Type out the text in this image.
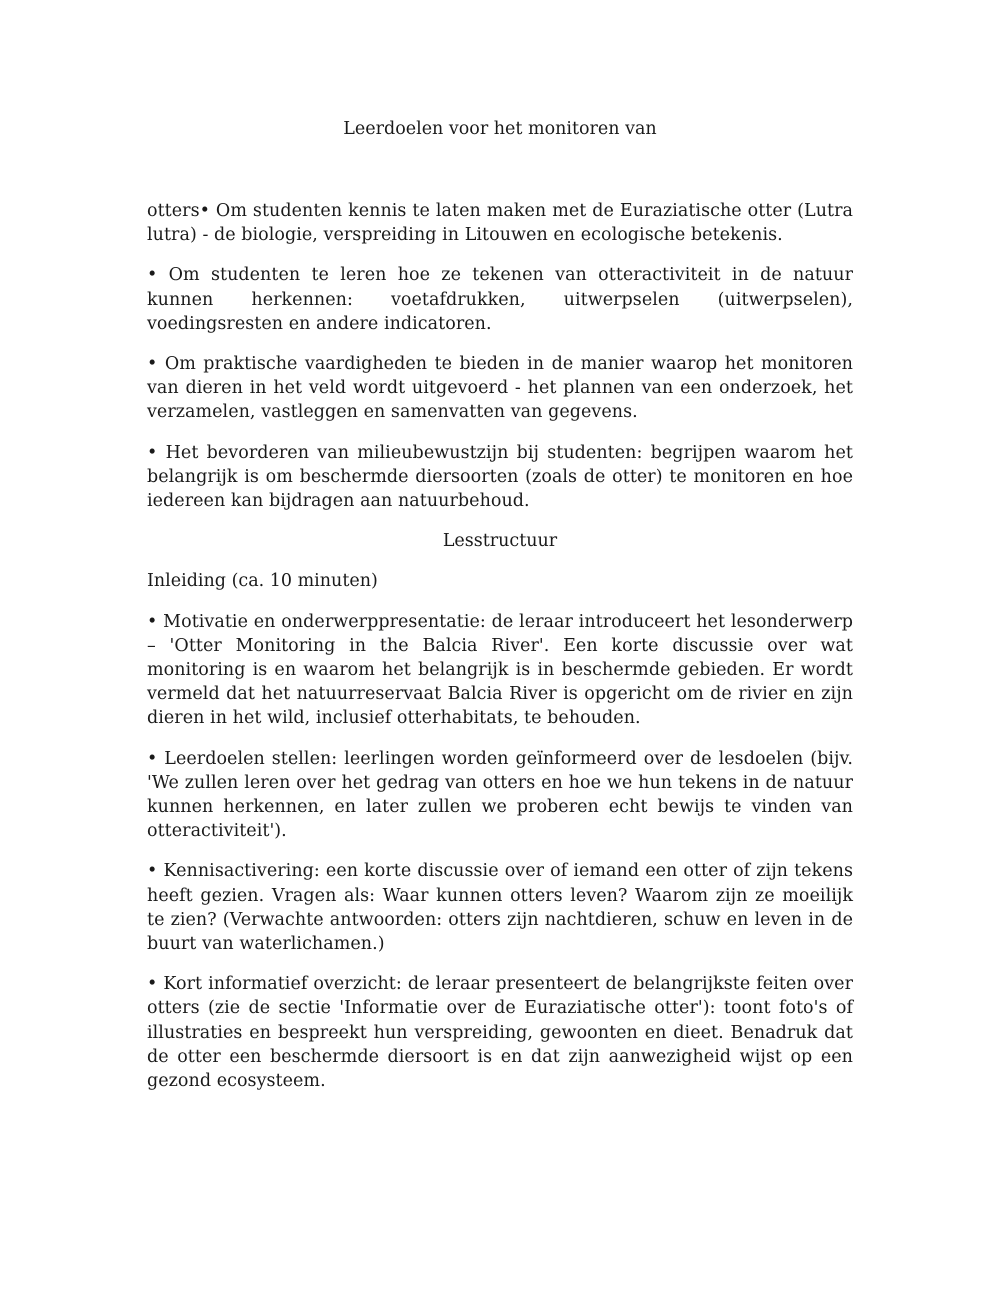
Leerdoelen voor het monitoren van

otters• Om studenten kennis te laten maken met de Euraziatische otter (Lutra lutra) - de biologie, verspreiding in Litouwen en ecologische betekenis.

• Om studenten te leren hoe ze tekenen van otteractiviteit in de natuur kunnen herkennen: voetafdrukken, uitwerpselen (uitwerpselen), voedingsresten en andere indicatoren.

• Om praktische vaardigheden te bieden in de manier waarop het monitoren van dieren in het veld wordt uitgevoerd - het plannen van een onderzoek, het verzamelen, vastleggen en samenvatten van gegevens.

• Het bevorderen van milieubewustzijn bij studenten: begrijpen waarom het belangrijk is om beschermde diersoorten (zoals de otter) te monitoren en hoe iedereen kan bijdragen aan natuurbehoud.

Lesstructuur

Inleiding (ca. 10 minuten)

• Motivatie en onderwerppresentatie: de leraar introduceert het lesonderwerp – 'Otter Monitoring in the Balcia River'. Een korte discussie over wat monitoring is en waarom het belangrijk is in beschermde gebieden. Er wordt vermeld dat het natuurreservaat Balcia River is opgericht om de rivier en zijn dieren in het wild, inclusief otterhabitats, te behouden.

• Leerdoelen stellen: leerlingen worden geïnformeerd over de lesdoelen (bijv. 'We zullen leren over het gedrag van otters en hoe we hun tekens in de natuur kunnen herkennen, en later zullen we proberen echt bewijs te vinden van otteractiviteit').

• Kennisactivering: een korte discussie over of iemand een otter of zijn tekens heeft gezien. Vragen als: Waar kunnen otters leven? Waarom zijn ze moeilijk te zien? (Verwachte antwoorden: otters zijn nachtdieren, schuw en leven in de buurt van waterlichamen.)

• Kort informatief overzicht: de leraar presenteert de belangrijkste feiten over otters (zie de sectie 'Informatie over de Euraziatische otter'): toont foto's of illustraties en bespreekt hun verspreiding, gewoonten en dieet. Benadruk dat de otter een beschermde diersoort is en dat zijn aanwezigheid wijst op een gezond ecosysteem.
